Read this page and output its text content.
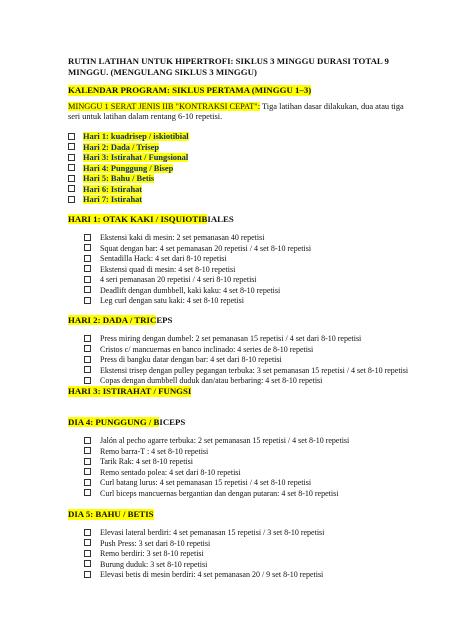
RUTIN LATIHAN UNTUK HIPERTROFI: SIKLUS 3 MINGGU DURASI TOTAL 9
MINGGU. (MENGULANG SIKLUS 3 MINGGU)
KALENDAR PROGRAM: SIKLUS PERTAMA (MINGGU 1–3)
MINGGU 1 SERAT JENIS IIB "KONTRAKSI CEPAT": Tiga latihan dasar dilakukan, dua atau tiga
seri untuk latihan dalam rentang 6-10 repetisi.
Hari 1: kuadrisep / iskiotibial
Hari 2: Dada / Trisep
Hari 3: Istirahat / Fungsional
Hari 4: Punggung / Bisep
Hari 5: Bahu / Betis
Hari 6: Istirahat
Hari 7: Istirahat
HARI 1: OTAK KAKI / ISQUIOTIBIALES
Ekstensi kaki di mesin: 2 set pemanasan 40 repetisi
Squat dengan bar: 4 set pemanasan 20 repetisi / 4 set 8-10 repetisi
Sentadilla Hack: 4 set dari 8-10 repetisi
Ekstensi quad di mesin: 4 set 8-10 repetisi
4 seri pemanasan 20 repetisi / 4 seri 8-10 repetisi
Deadlift dengan dumbbell, kaki kaku: 4 set 8-10 repetisi
Leg curl dengan satu kaki: 4 set 8-10 repetisi
HARI 2: DADA / TRICEPS
Press miring dengan dumbel: 2 set pemanasan 15 repetisi / 4 set dari 8-10 repetisi
Cristos c/ mancuernas en banco inclinado: 4 series de 8-10 repetisi
Press di bangku datar dengan bar: 4 set dari 8-10 repetisi
Ekstensi trisep dengan pulley pegangan terbuka: 3 set pemanasan 15 repetisi / 4 set 8-10 repetisi
Copas dengan dumbbell duduk dan/atau berbaring: 4 set 8-10 repetisi
HARI 3: ISTIRAHAT / FUNGSI
DIA 4: PUNGGUNG / BICEPS
Jalón al pecho agarre terbuka: 2 set pemanasan 15 repetisi / 4 set 8-10 repetisi
Remo barra-T : 4 set 8-10 repetisi
Tarik Rak: 4 set 8-10 repetisi
Remo sentado polea: 4 set dari 8-10 repetisi
Curl batang lurus: 4 set pemanasan 15 repetisi / 4 set 8-10 repetisi
Curl biceps mancuernas bergantian dan dengan putaran: 4 set 8-10 repetisi
DIA 5: BAHU / BETIS
Elevasi lateral berdiri: 4 set pemanasan 15 repetisi / 3 set 8-10 repetisi
Push Press: 3 set dari 8-10 repetisi
Remo berdiri: 3 set 8-10 repetisi
Burung duduk: 3 set 8-10 repetisi
Elevasi betis di mesin berdiri: 4 set pemanasan 20 / 9 set 8-10 repetisi
